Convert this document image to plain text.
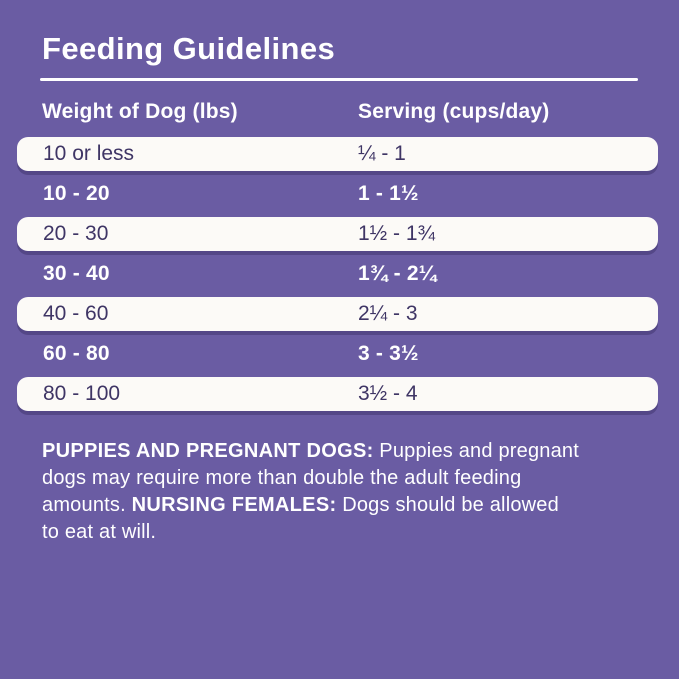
Feeding Guidelines
Weight of Dog (lbs)	Serving (cups/day)
10 or less	¼ - 1
10 - 20	1 - 1½
20 - 30	1½ - 1¾
30 - 40	1¾ - 2¼
40 - 60	2¼ - 3
60 - 80	3 - 3½
80 - 100	3½ - 4
PUPPIES AND PREGNANT DOGS: Puppies and pregnant
dogs may require more than double the adult feeding
amounts. NURSING FEMALES: Dogs should be allowed
to eat at will.
